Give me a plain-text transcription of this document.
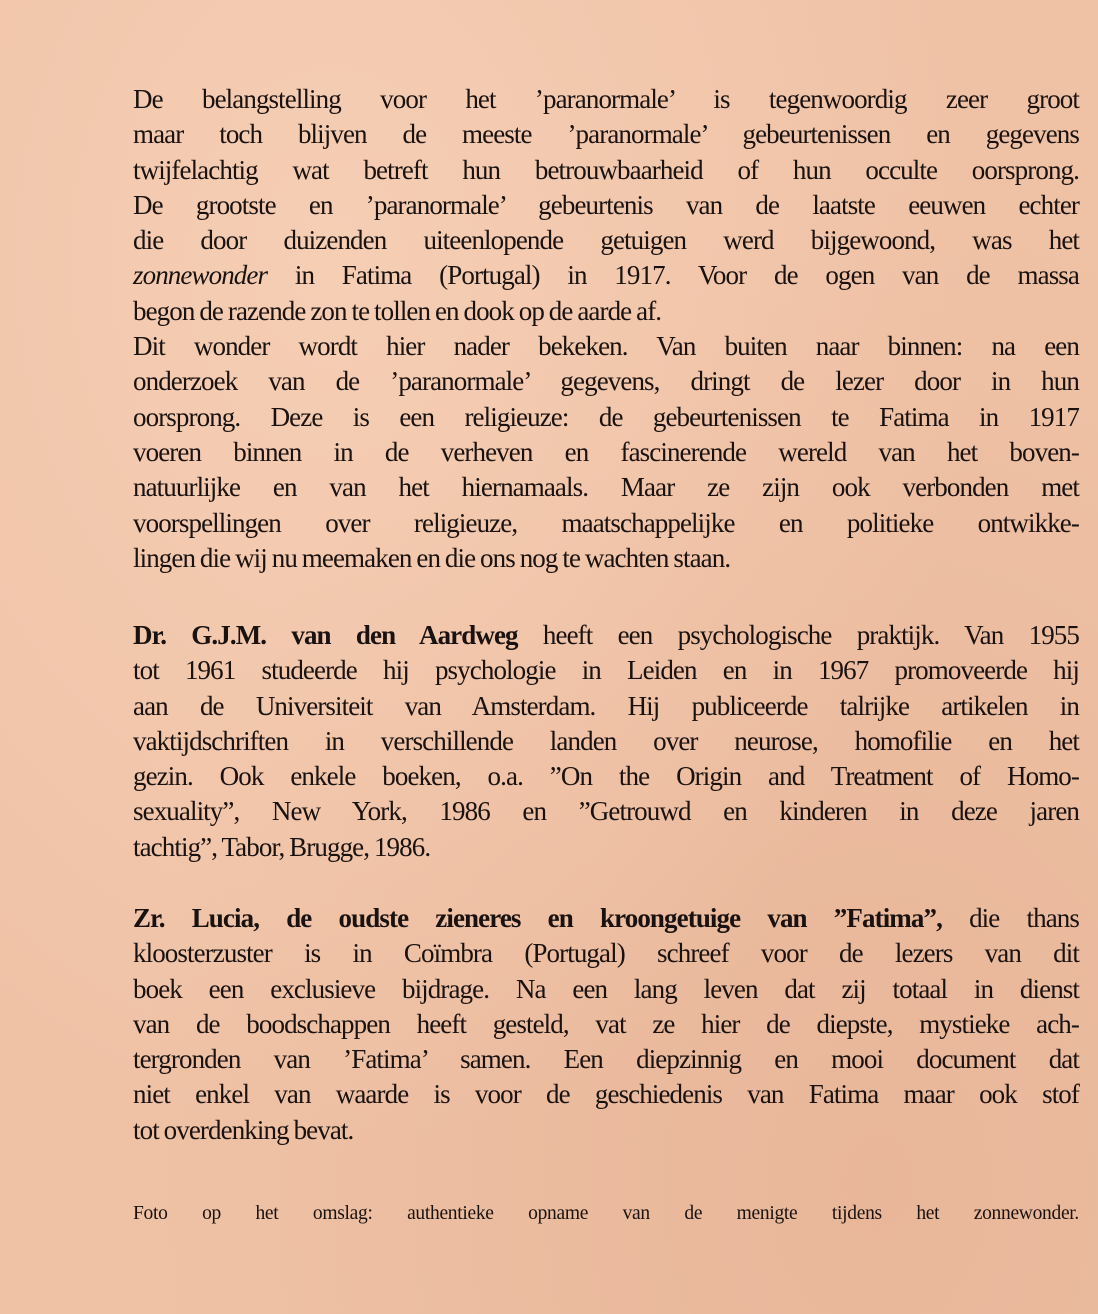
De belangstelling voor het ’paranormale’ is tegenwoordig zeer groot
maar toch blijven de meeste ’paranormale’ gebeurtenissen en gegevens
twijfelachtig wat betreft hun betrouwbaarheid of hun occulte oorsprong.
De grootste en ’paranormale’ gebeurtenis van de laatste eeuwen echter
die door duizenden uiteenlopende getuigen werd bijgewoond, was het
zonnewonder in Fatima (Portugal) in 1917. Voor de ogen van de massa
begon de razende zon te tollen en dook op de aarde af.
Dit wonder wordt hier nader bekeken. Van buiten naar binnen: na een
onderzoek van de ’paranormale’ gegevens, dringt de lezer door in hun
oorsprong. Deze is een religieuze: de gebeurtenissen te Fatima in 1917
voeren binnen in de verheven en fascinerende wereld van het boven-
natuurlijke en van het hiernamaals. Maar ze zijn ook verbonden met
voorspellingen over religieuze, maatschappelijke en politieke ontwikke-
lingen die wij nu meemaken en die ons nog te wachten staan.
Dr. G.J.M. van den Aardweg heeft een psychologische praktijk. Van 1955
tot 1961 studeerde hij psychologie in Leiden en in 1967 promoveerde hij
aan de Universiteit van Amsterdam. Hij publiceerde talrijke artikelen in
vaktijdschriften in verschillende landen over neurose, homofilie en het
gezin. Ook enkele boeken, o.a. ”On the Origin and Treatment of Homo-
sexuality”, New York, 1986 en ”Getrouwd en kinderen in deze jaren
tachtig”, Tabor, Brugge, 1986.
Zr. Lucia, de oudste zieneres en kroongetuige van ”Fatima”, die thans
kloosterzuster is in Coïmbra (Portugal) schreef voor de lezers van dit
boek een exclusieve bijdrage. Na een lang leven dat zij totaal in dienst
van de boodschappen heeft gesteld, vat ze hier de diepste, mystieke ach-
tergronden van ’Fatima’ samen. Een diepzinnig en mooi document dat
niet enkel van waarde is voor de geschiedenis van Fatima maar ook stof
tot overdenking bevat.
Foto op het omslag: authentieke opname van de menigte tijdens het zonnewonder.
